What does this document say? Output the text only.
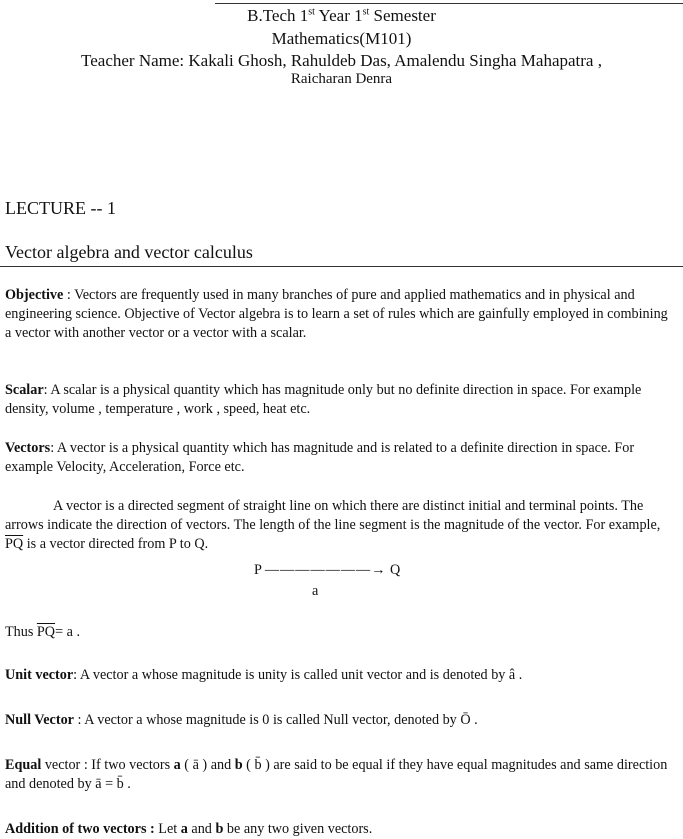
B.Tech 1st Year 1st Semester
Mathematics(M101)
Teacher Name: Kakali Ghosh, Rahuldeb Das, Amalendu Singha Mahapatra ,
Raicharan Denra
LECTURE -- 1
Vector algebra and vector calculus

Objective : Vectors are frequently used in many branches of pure and applied mathematics and in physical and engineering science. Objective of Vector algebra is to learn a set of rules which are gainfully employed in combining a vector with another vector or a vector with a scalar.

Scalar: A scalar is a physical quantity which has magnitude only but no definite direction in space. For example density, volume , temperature , work , speed, heat etc.

Vectors: A vector is a physical quantity which has magnitude and is related to a definite direction in space. For example Velocity, Acceleration, Force etc.

A vector is a directed segment of straight line on which there are distinct initial and terminal points. The arrows indicate the direction of vectors. The length of the line segment is the magnitude of the vector. For example, $\overline{PQ}$ is a vector directed from P to Q.

P ———————→ Q
a

Thus $\overline{PQ}= a$ .

Unit vector: A vector a whose magnitude is unity is called unit vector and is denoted by â .

Null Vector : A vector a whose magnitude is 0 is called Null vector, denoted by Ō .

Equal vector : If two vectors a ( ā ) and b ( b̄ ) are said to be equal if they have equal magnitudes and same direction and denoted by ā = b̄ .

Addition of two vectors : Let a and b be any two given vectors.
